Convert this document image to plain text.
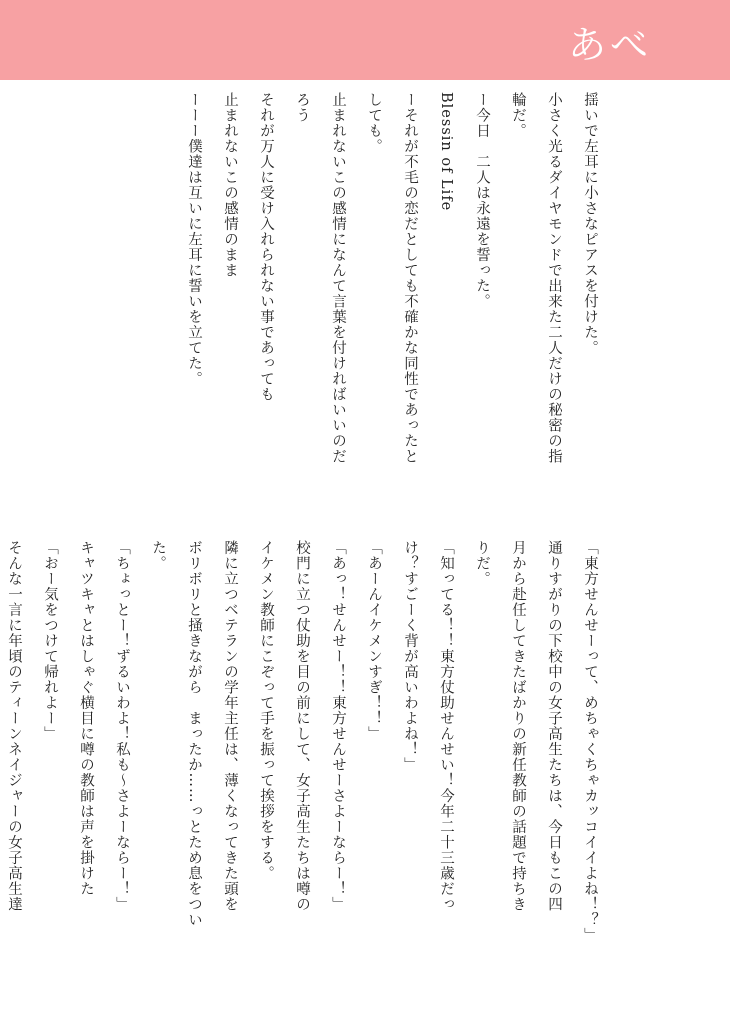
あべ

揺いで左耳に小さなピアスを付けた。

小さく光るダイヤモンドで出来た二人だけの秘密の指

輪だ。

ー今日　二人は永遠を誓った。

Blessin of Life

ーそれが不毛の恋だとしても不確かな同性であったと

しても。

止まれないこの感情になんて言葉を付ければいいのだ

ろう

それが万人に受け入れられない事であっても

止まれないこの感情のまま

ーーー僕達は互いに左耳に誓いを立てた。

「東方せんせーって、めちゃくちゃカッコイイよね！？」

通りすがりの下校中の女子高生たちは、今日もこの四

月から赴任してきたばかりの新任教師の話題で持ちき

りだ。

「知ってる！！東方仗助せんせい！今年二十三歳だっ

け？すごーく背が高いわよね！」

「あーんイケメンすぎ！！」

「あっ！せんせー！！東方せんせーさよーならー！」

校門に立つ仗助を目の前にして、女子高生たちは噂の

イケメン教師にこぞって手を振って挨拶をする。

隣に立つベテランの学年主任は、薄くなってきた頭を

ボリボリと掻きながら　まったか……っとため息をつい

た。

「ちょっとー！ずるいわよ！私も～さよーならー！」

キャツキャとはしゃぐ横目に噂の教師は声を掛けた

「おー気をつけて帰れよー」

そんな一言に年頃のティーンネイジャーの女子高生達
